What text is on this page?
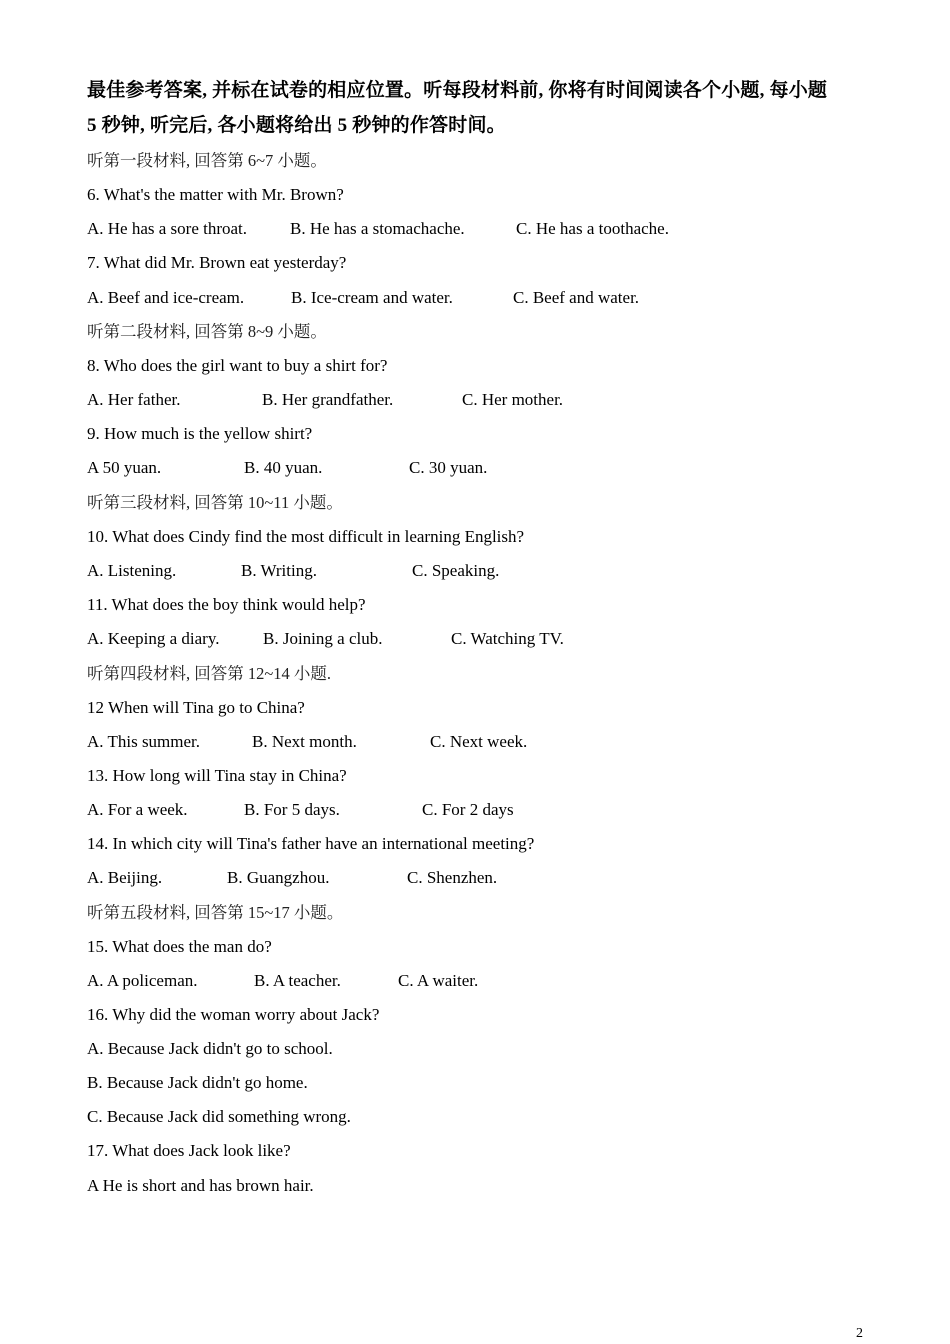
最佳参考答案, 并标在试卷的相应位置。听每段材料前, 你将有时间阅读各个小题, 每小题
5 秒钟, 听完后, 各小题将给出 5 秒钟的作答时间。
听第一段材料, 回答第 6~7 小题。
6. What's the matter with Mr. Brown?
A. He has a sore throat.	B. He has a stomachache.	C. He has a toothache.
7. What did Mr. Brown eat yesterday?
A. Beef and ice-cream.	B. Ice-cream and water.	C. Beef and water.
听第二段材料, 回答第 8~9 小题。
8. Who does the girl want to buy a shirt for?
A. Her father.	B. Her grandfather.	C. Her mother.
9. How much is the yellow shirt?
A 50 yuan.	B. 40 yuan.	C. 30 yuan.
听第三段材料, 回答第 10~11 小题。
10. What does Cindy find the most difficult in learning English?
A. Listening.	B. Writing.	C. Speaking.
11. What does the boy think would help?
A. Keeping a diary.	B. Joining a club.	C. Watching TV.
听第四段材料, 回答第 12~14 小题.
12 When will Tina go to China?
A. This summer.	B. Next month.	C. Next week.
13. How long will Tina stay in China?
A. For a week.	B. For 5 days.	C. For 2 days
14. In which city will Tina's father have an international meeting?
A. Beijing.	B. Guangzhou.	C. Shenzhen.
听第五段材料, 回答第 15~17 小题。
15. What does the man do?
A. A policeman.	B. A teacher.	C. A waiter.
16. Why did the woman worry about Jack?
A. Because Jack didn't go to school.
B. Because Jack didn't go home.
C. Because Jack did something wrong.
17. What does Jack look like?
A He is short and has brown hair.
2
